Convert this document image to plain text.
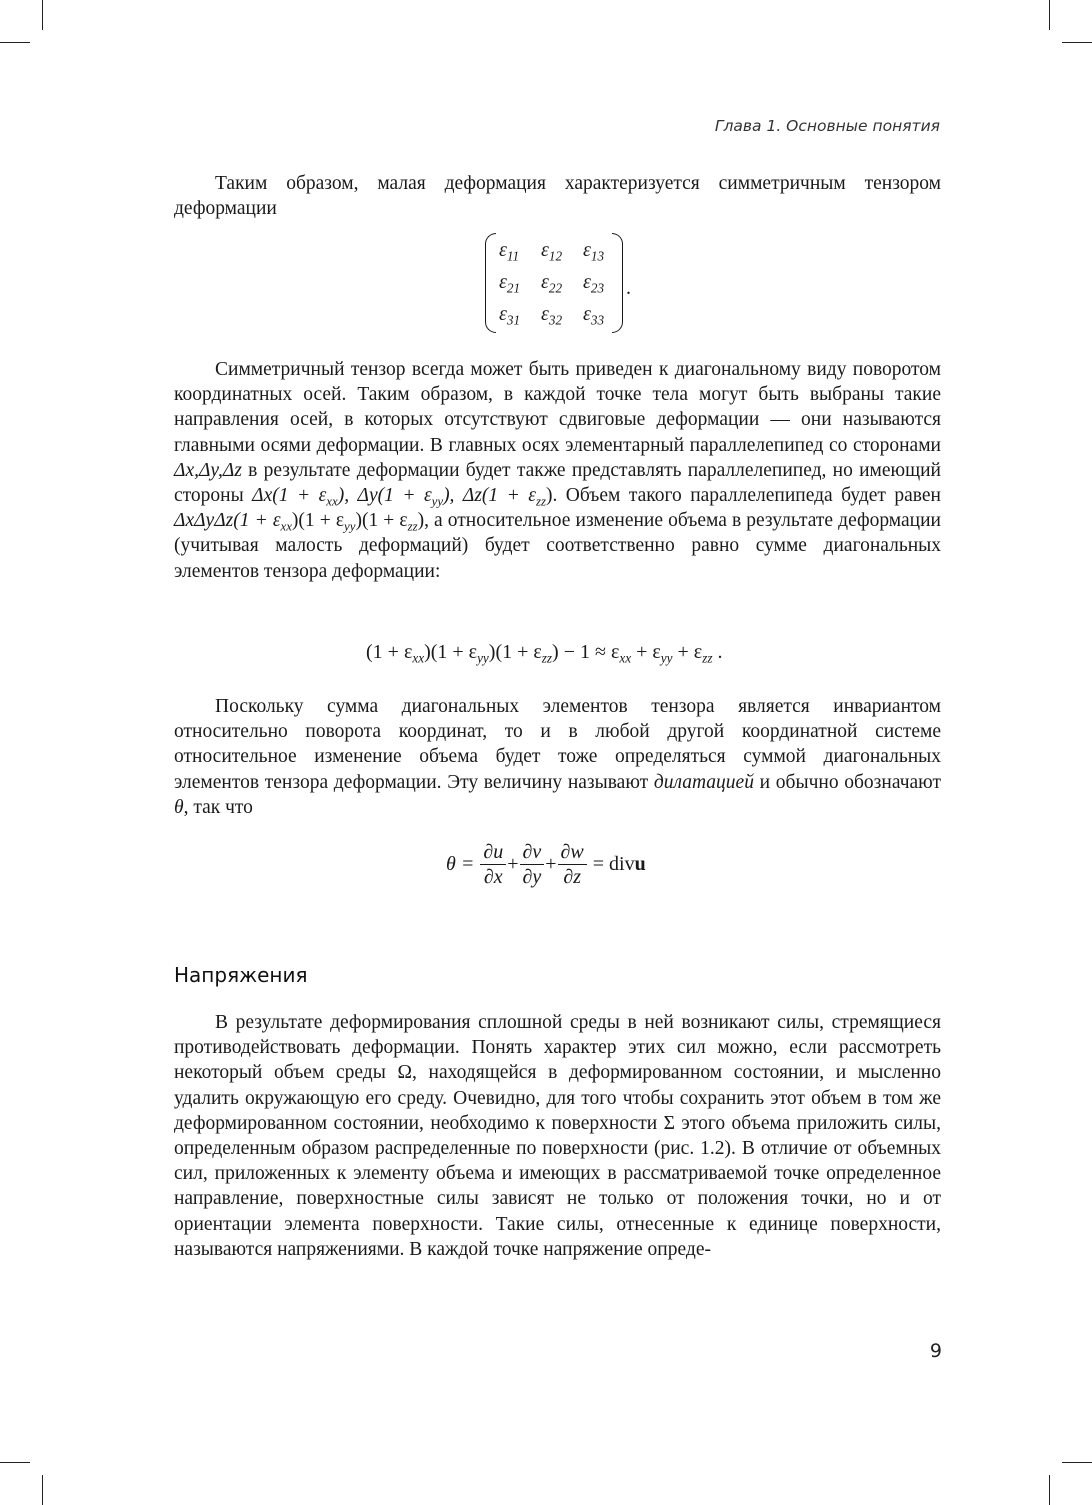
Глава 1. Основные понятия

Таким образом, малая деформация характеризуется симметричным тензором деформации

$\varepsilon_{11}$ $\varepsilon_{12}$ $\varepsilon_{13}$
$\varepsilon_{21}$ $\varepsilon_{22}$ $\varepsilon_{23}$
$\varepsilon_{31}$ $\varepsilon_{32}$ $\varepsilon_{33}$
.

Симметричный тензор всегда может быть приведен к диагональному виду поворотом координатных осей. Таким образом, в каждой точке тела могут быть выбраны такие направления осей, в которых отсутствуют сдвиговые деформации — они называются главными осями деформации. В главных осях элементарный параллелепипед со сторонами Δx,Δy,Δz в результате деформации будет также представлять параллелепипед, но имеющий стороны $\Delta x(1 + \varepsilon_{xx})$, $\Delta y(1 + \varepsilon_{yy})$, $\Delta z(1 + \varepsilon_{zz})$. Объем такого параллелепипеда будет равен $\Delta x\Delta y\Delta z(1 + \varepsilon_{xx})(1 + \varepsilon_{yy})(1 + \varepsilon_{zz})$, а относительное изменение объема в результате деформации (учитывая малость деформаций) будет соответственно равно сумме диагональных элементов тензора деформации:

$(1 + \varepsilon_{xx})(1 + \varepsilon_{yy})(1 + \varepsilon_{zz}) - 1 \approx \varepsilon_{xx} + \varepsilon_{yy} + \varepsilon_{zz}$ .

Поскольку сумма диагональных элементов тензора является инвариантом относительно поворота координат, то и в любой другой координатной системе относительное изменение объема будет тоже определяться суммой диагональных элементов тензора деформации. Эту величину называют дилатацией и обычно обозначают θ, так что

$\theta = \frac{\partial u}{\partial x} + \frac{\partial v}{\partial y} + \frac{\partial w}{\partial z}$ = divu
Напряжения

В результате деформирования сплошной среды в ней возникают силы, стремящиеся противодействовать деформации. Понять характер этих сил можно, если рассмотреть некоторый объем среды Ω, находящейся в деформированном состоянии, и мысленно удалить окружающую его среду. Очевидно, для того чтобы сохранить этот объем в том же деформированном состоянии, необходимо к поверхности Σ этого объема приложить силы, определенным образом распределенные по поверхности (рис. 1.2). В отличие от объемных сил, приложенных к элементу объема и имеющих в рассматриваемой точке определенное направление, поверхностные силы зависят не только от положения точки, но и от ориентации элемента поверхности. Такие силы, отнесенные к единице поверхности, называются напряжениями. В каждой точке напряжение опреде-

9
